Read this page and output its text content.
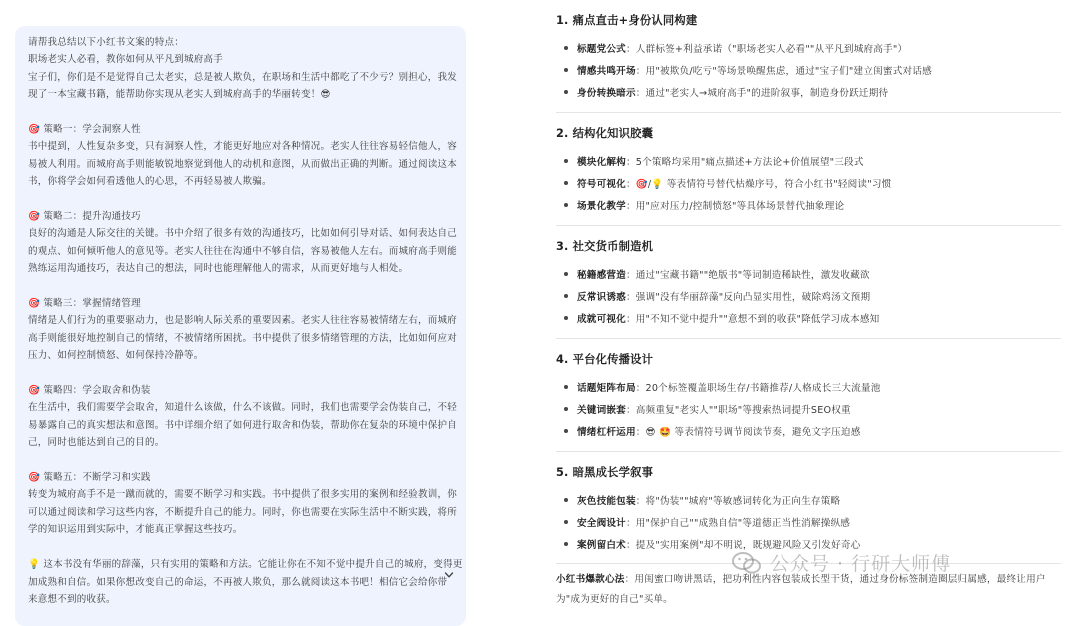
请帮我总结以下小红书文案的特点：
职场老实人必看，教你如何从平凡到城府高手
宝子们，你们是不是觉得自己太老实，总是被人欺负，在职场和生活中都吃了不少亏？别担心，我发
现了一本宝藏书籍，能帮助你实现从老实人到城府高手的华丽转变！😎
🎯 策略一：学会洞察人性
书中提到，人性复杂多变，只有洞察人性，才能更好地应对各种情况。老实人往往容易轻信他人，容
易被人利用。而城府高手则能敏锐地察觉到他人的动机和意图，从而做出正确的判断。通过阅读这本
书，你将学会如何看透他人的心思，不再轻易被人欺骗。
🎯 策略二：提升沟通技巧
良好的沟通是人际交往的关键。书中介绍了很多有效的沟通技巧，比如如何引导对话、如何表达自己
的观点、如何倾听他人的意见等。老实人往往在沟通中不够自信，容易被他人左右。而城府高手则能
熟练运用沟通技巧，表达自己的想法，同时也能理解他人的需求，从而更好地与人相处。
🎯 策略三：掌握情绪管理
情绪是人们行为的重要驱动力，也是影响人际关系的重要因素。老实人往往容易被情绪左右，而城府
高手则能很好地控制自己的情绪，不被情绪所困扰。书中提供了很多情绪管理的方法，比如如何应对
压力、如何控制愤怒、如何保持冷静等。
🎯 策略四：学会取舍和伪装
在生活中，我们需要学会取舍，知道什么该做，什么不该做。同时，我们也需要学会伪装自己，不轻
易暴露自己的真实想法和意图。书中详细介绍了如何进行取舍和伪装，帮助你在复杂的环境中保护自
己，同时也能达到自己的目的。
🎯 策略五：不断学习和实践
转变为城府高手不是一蹴而就的，需要不断学习和实践。书中提供了很多实用的案例和经验教训，你
可以通过阅读和学习这些内容，不断提升自己的能力。同时，你也需要在实际生活中不断实践，将所
学的知识运用到实际中，才能真正掌握这些技巧。
💡 这本书没有华丽的辞藻，只有实用的策略和方法。它能让你在不知不觉中提升自己的城府，变得更
加成熟和自信。如果你想改变自己的命运，不再被人欺负，那么就阅读这本书吧！相信它会给你带
来意想不到的收获。
1. 痛点直击+身份认同构建
标题党公式：人群标签+利益承诺（"职场老实人必看""从平凡到城府高手"）
情感共鸣开场：用"被欺负/吃亏"等场景唤醒焦虑，通过"宝子们"建立闺蜜式对话感
身份转换暗示：通过"老实人→城府高手"的进阶叙事，制造身份跃迁期待
2. 结构化知识胶囊
模块化解构：5个策略均采用"痛点描述+方法论+价值展望"三段式
符号可视化：🎯/💡 等表情符号替代枯燥序号，符合小红书"轻阅读"习惯
场景化教学：用"应对压力/控制愤怒"等具体场景替代抽象理论
3. 社交货币制造机
秘籍感营造：通过"宝藏书籍""绝版书"等词制造稀缺性，激发收藏欲
反常识诱惑：强调"没有华丽辞藻"反向凸显实用性，破除鸡汤文预期
成就可视化：用"不知不觉中提升""意想不到的收获"降低学习成本感知
4. 平台化传播设计
话题矩阵布局：20个标签覆盖职场生存/书籍推荐/人格成长三大流量池
关键词嵌套：高频重复"老实人""职场"等搜索热词提升SEO权重
情绪杠杆运用：😎 🤩 等表情符号调节阅读节奏，避免文字压迫感
5. 暗黑成长学叙事
灰色技能包装：将"伪装""城府"等敏感词转化为正向生存策略
安全阀设计：用"保护自己""成熟自信"等道德正当性消解操纵感
案例留白术：提及"实用案例"却不明说，既规避风险又引发好奇心
小红书爆款心法：用闺蜜口吻讲黑话，把功利性内容包装成长型干货，通过身份标签制造圈层归属感，最终让用户为"成为更好的自己"买单。
公众号 · 行研大师傅
